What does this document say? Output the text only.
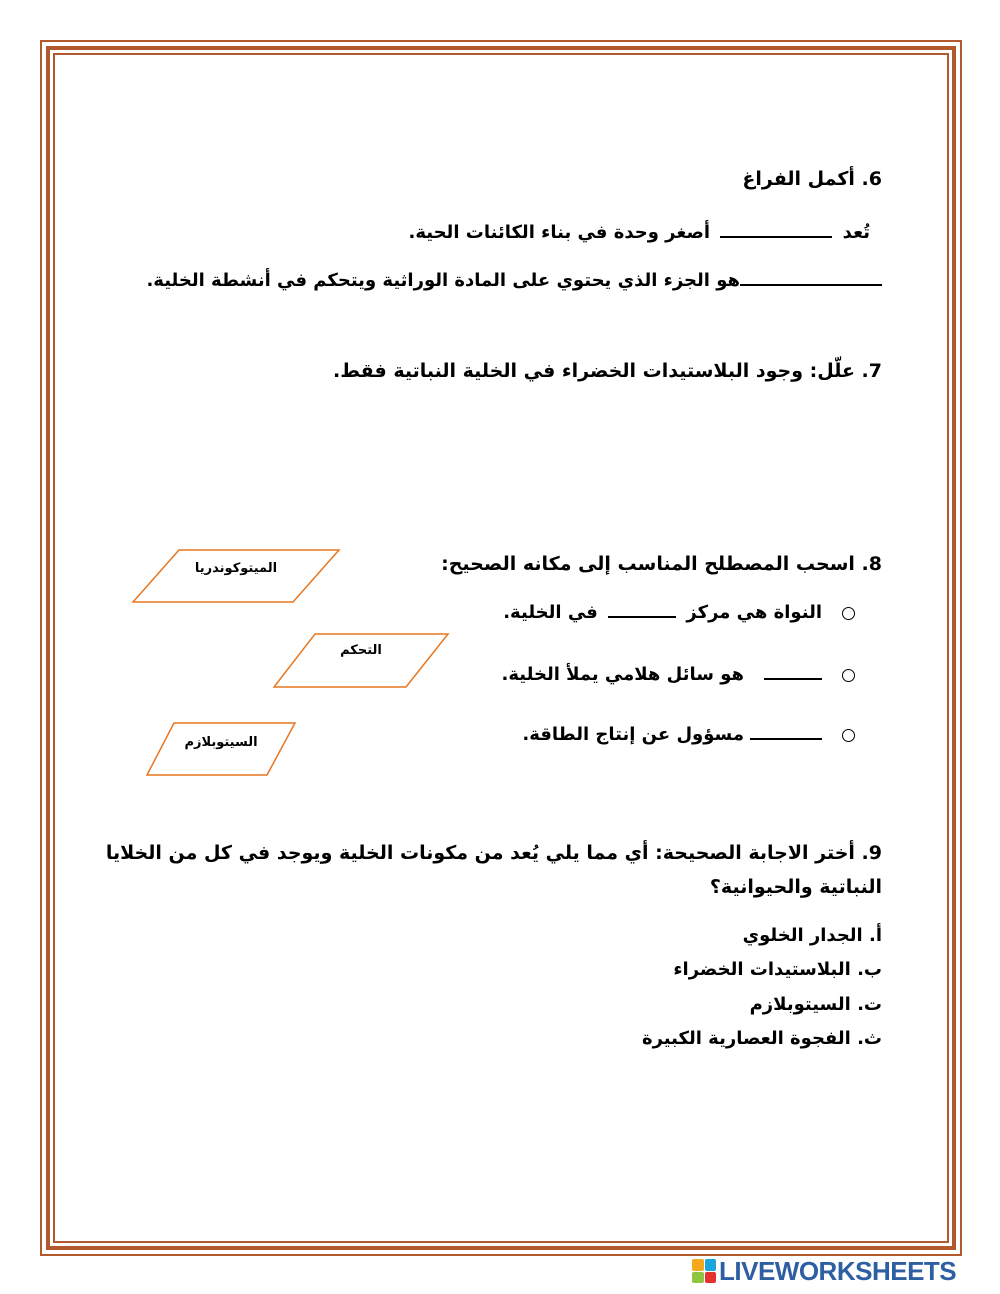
6. أكمل الفراغ
تُعد  أصغر وحدة في بناء الكائنات الحية.
هو الجزء الذي يحتوي على المادة الوراثية ويتحكم في أنشطة الخلية.
7. علّل: وجود البلاستيدات الخضراء في الخلية النباتية فقط.
8. اسحب المصطلح المناسب إلى مكانه الصحيح:
النواة هي مركز  في الخلية.
هو سائل هلامي يملأ الخلية.
مسؤول عن إنتاج الطاقة.
الميتوكوندريا
التحكم
السيتوبلازم
9. أختر الاجابة الصحيحة: أي مما يلي يُعد من مكونات الخلية ويوجد في كل من الخلايا
النباتية والحيوانية؟
أ. الجدار الخلوي
ب. البلاستيدات الخضراء
ت. السيتوبلازم
ث. الفجوة العصارية الكبيرة
LIVEWORKSHEETS
